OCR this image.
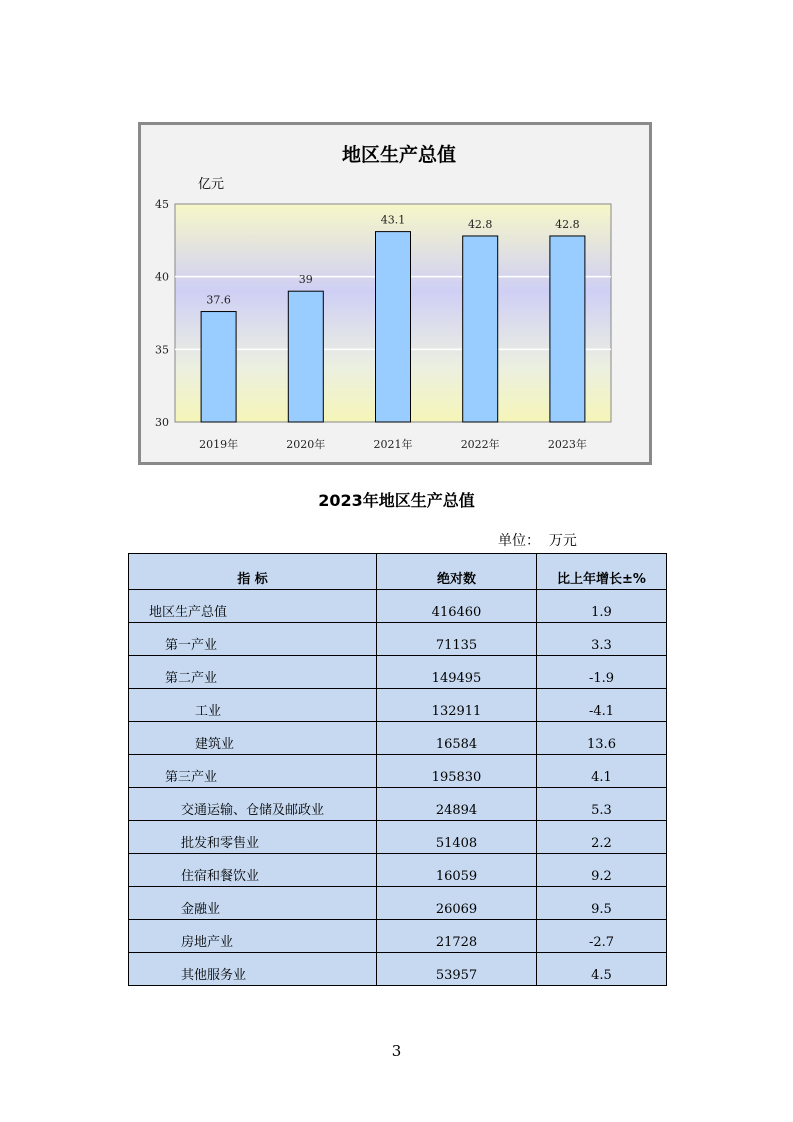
地区生产总值
亿元
30
35
40
45
37.6
39
43.1	42.8	42.8
2019年	2020年	2021年	2022年	2023年
2023年地区生产总值
单位：  万元
指 标	绝对数	比上年增长±%
地区生产总值	416460	1.9
第一产业	71135	3.3
第二产业	149495	-1.9
工业	132911	-4.1
建筑业	16584	13.6
第三产业	195830	4.1
交通运输、仓储及邮政业	24894	5.3
批发和零售业	51408	2.2
住宿和餐饮业	16059	9.2
金融业	26069	9.5
房地产业	21728	-2.7
其他服务业	53957	4.5
3
